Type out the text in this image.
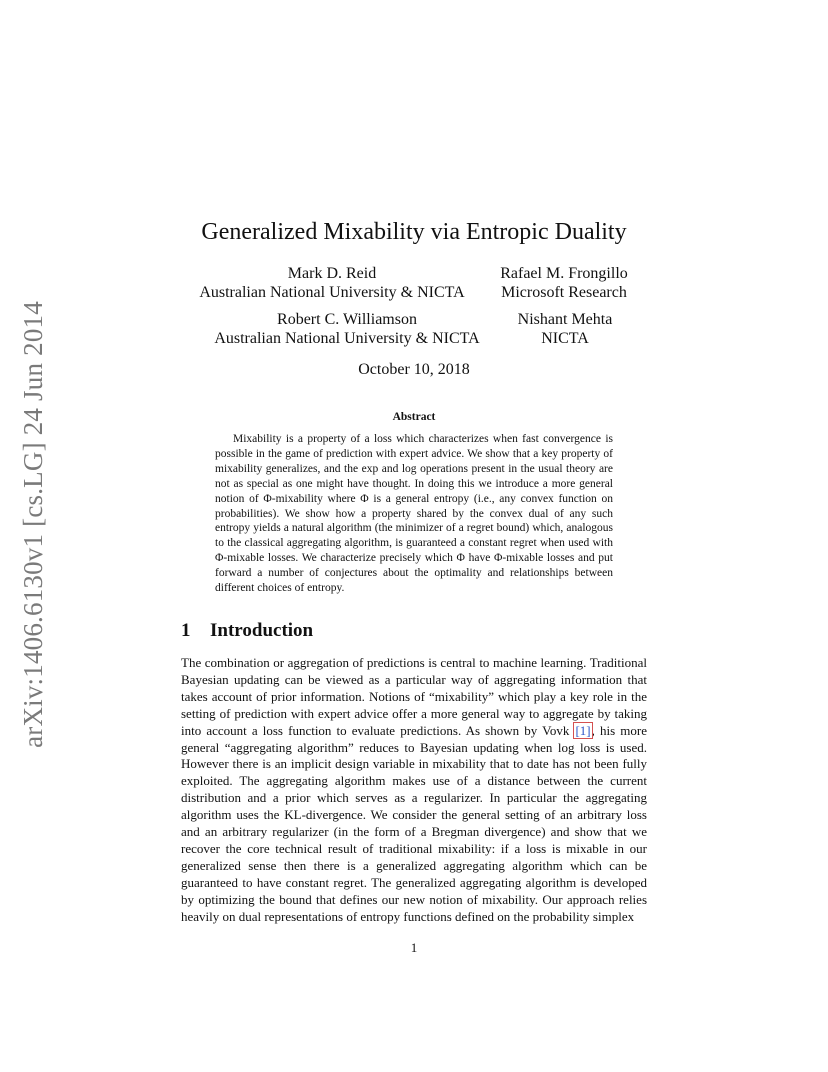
arXiv:1406.6130v1 [cs.LG] 24 Jun 2014
Generalized Mixability via Entropic Duality
Mark D. Reid
Australian National University & NICTA
Rafael M. Frongillo
Microsoft Research
Robert C. Williamson
Australian National University & NICTA
Nishant Mehta
NICTA
October 10, 2018
Abstract
Mixability is a property of a loss which characterizes when fast convergence is possible in the game of prediction with expert advice. We show that a key property of mixability generalizes, and the exp and log operations present in the usual theory are not as special as one might have thought. In doing this we introduce a more general notion of Φ-mixability where Φ is a general entropy (i.e., any convex function on probabilities). We show how a property shared by the convex dual of any such entropy yields a natural algorithm (the minimizer of a regret bound) which, analogous to the classical aggregating algorithm, is guaranteed a constant regret when used with Φ-mixable losses. We characterize precisely which Φ have Φ-mixable losses and put forward a number of conjectures about the optimality and relationships between different choices of entropy.
1 Introduction
The combination or aggregation of predictions is central to machine learning. Traditional Bayesian updating can be viewed as a particular way of aggregating information that takes account of prior information. Notions of “mixability” which play a key role in the setting of prediction with expert advice offer a more general way to aggregate by taking into account a loss function to evaluate predictions. As shown by Vovk [1], his more general “aggregating algorithm” reduces to Bayesian updating when log loss is used. However there is an implicit design variable in mixability that to date has not been fully exploited. The aggregating algorithm makes use of a distance between the current distribution and a prior which serves as a regularizer. In particular the aggregating algorithm uses the KL-divergence. We consider the general setting of an arbitrary loss and an arbitrary regularizer (in the form of a Bregman divergence) and show that we recover the core technical result of traditional mixability: if a loss is mixable in our generalized sense then there is a generalized aggregating algorithm which can be guaranteed to have constant regret. The generalized aggregating algorithm is developed by optimizing the bound that defines our new notion of mixability. Our approach relies heavily on dual representations of entropy functions defined on the probability simplex
1
